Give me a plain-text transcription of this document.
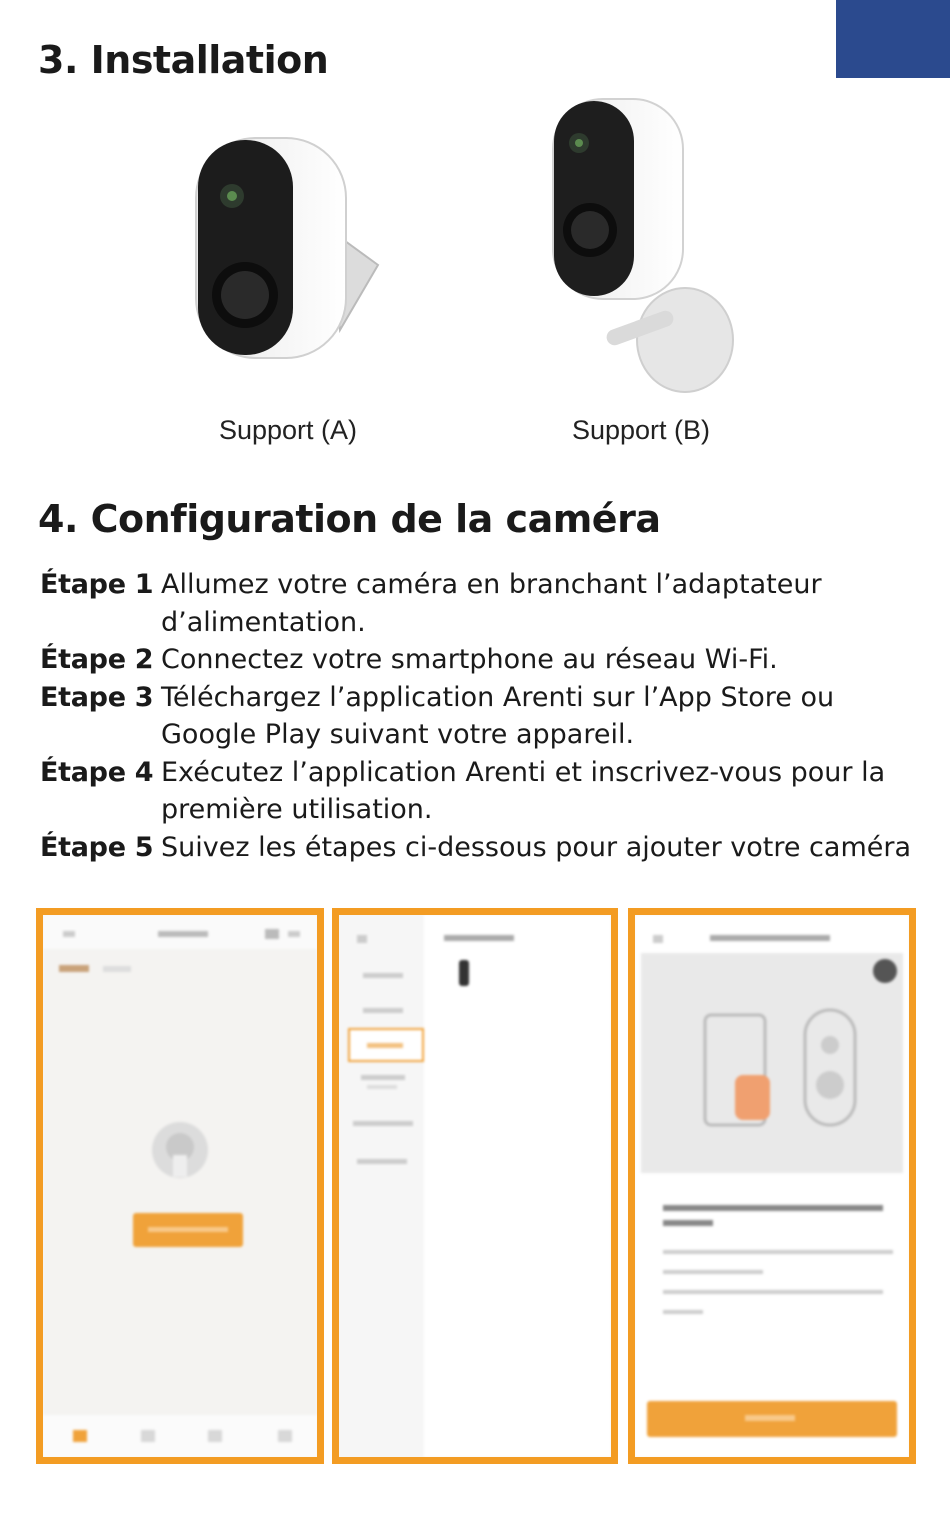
3. Installation
Support (A)	Support (B)
4. Configuration de la caméra
Étape 1 Allumez votre caméra en branchant l’adaptateur d’alimentation.
Étape 2 Connectez votre smartphone au réseau Wi-Fi.
Etape 3 Téléchargez l’application Arenti sur l’App Store ou Google Play suivant votre appareil.
Étape 4 Exécutez l’application Arenti et inscrivez-vous pour la première utilisation.
Étape 5 Suivez les étapes ci-dessous pour ajouter votre caméra
